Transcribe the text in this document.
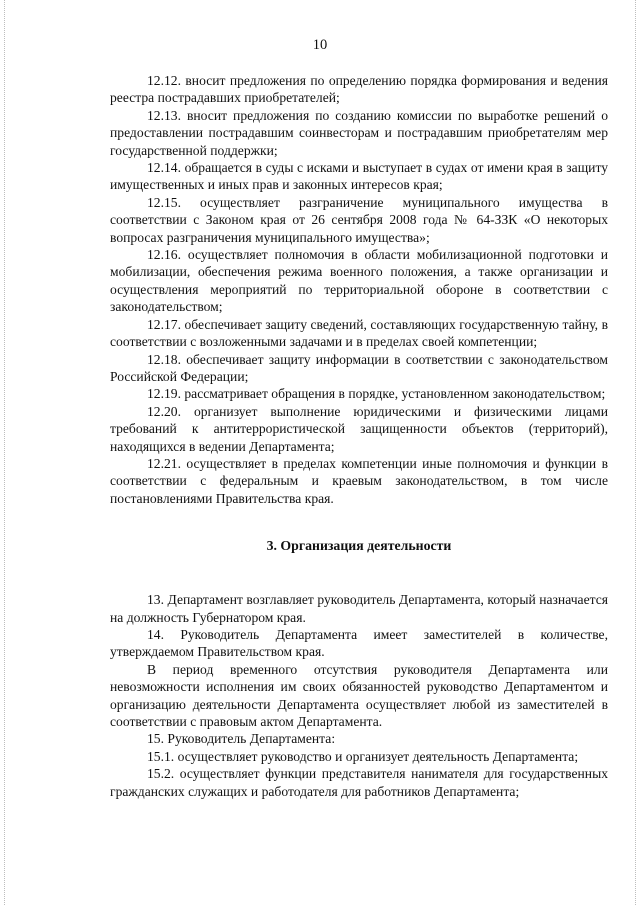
10

12.12. вносит предложения по определению порядка формирования и ведения реестра пострадавших приобретателей;

12.13. вносит предложения по созданию комиссии по выработке решений о предоставлении пострадавшим соинвесторам и пострадавшим приобретателям мер государственной поддержки;

12.14. обращается в суды с исками и выступает в судах от имени края в защиту имущественных и иных прав и законных интересов края;

12.15. осуществляет разграничение муниципального имущества в соответствии с Законом края от 26 сентября 2008 года № 64-ЗЗК «О некоторых вопросах разграничения муниципального имущества»;

12.16. осуществляет полномочия в области мобилизационной подготовки и мобилизации, обеспечения режима военного положения, а также организации и осуществления мероприятий по территориальной обороне в соответствии с законодательством;

12.17. обеспечивает защиту сведений, составляющих государственную тайну, в соответствии с возложенными задачами и в пределах своей компетенции;

12.18. обеспечивает защиту информации в соответствии с законодательством Российской Федерации;

12.19. рассматривает обращения в порядке, установленном законодательством;

12.20. организует выполнение юридическими и физическими лицами требований к антитеррористической защищенности объектов (территорий), находящихся в ведении Департамента;

12.21. осуществляет в пределах компетенции иные полномочия и функции в соответствии с федеральным и краевым законодательством, в том числе постановлениями Правительства края.

3. Организация деятельности

13. Департамент возглавляет руководитель Департамента, который назначается на должность Губернатором края.

14. Руководитель Департамента имеет заместителей в количестве, утверждаемом Правительством края.

В период временного отсутствия руководителя Департамента или невозможности исполнения им своих обязанностей руководство Департаментом и организацию деятельности Департамента осуществляет любой из заместителей в соответствии с правовым актом Департамента.

15. Руководитель Департамента:

15.1. осуществляет руководство и организует деятельность Департамента;

15.2. осуществляет функции представителя нанимателя для государственных гражданских служащих и работодателя для работников Департамента;
